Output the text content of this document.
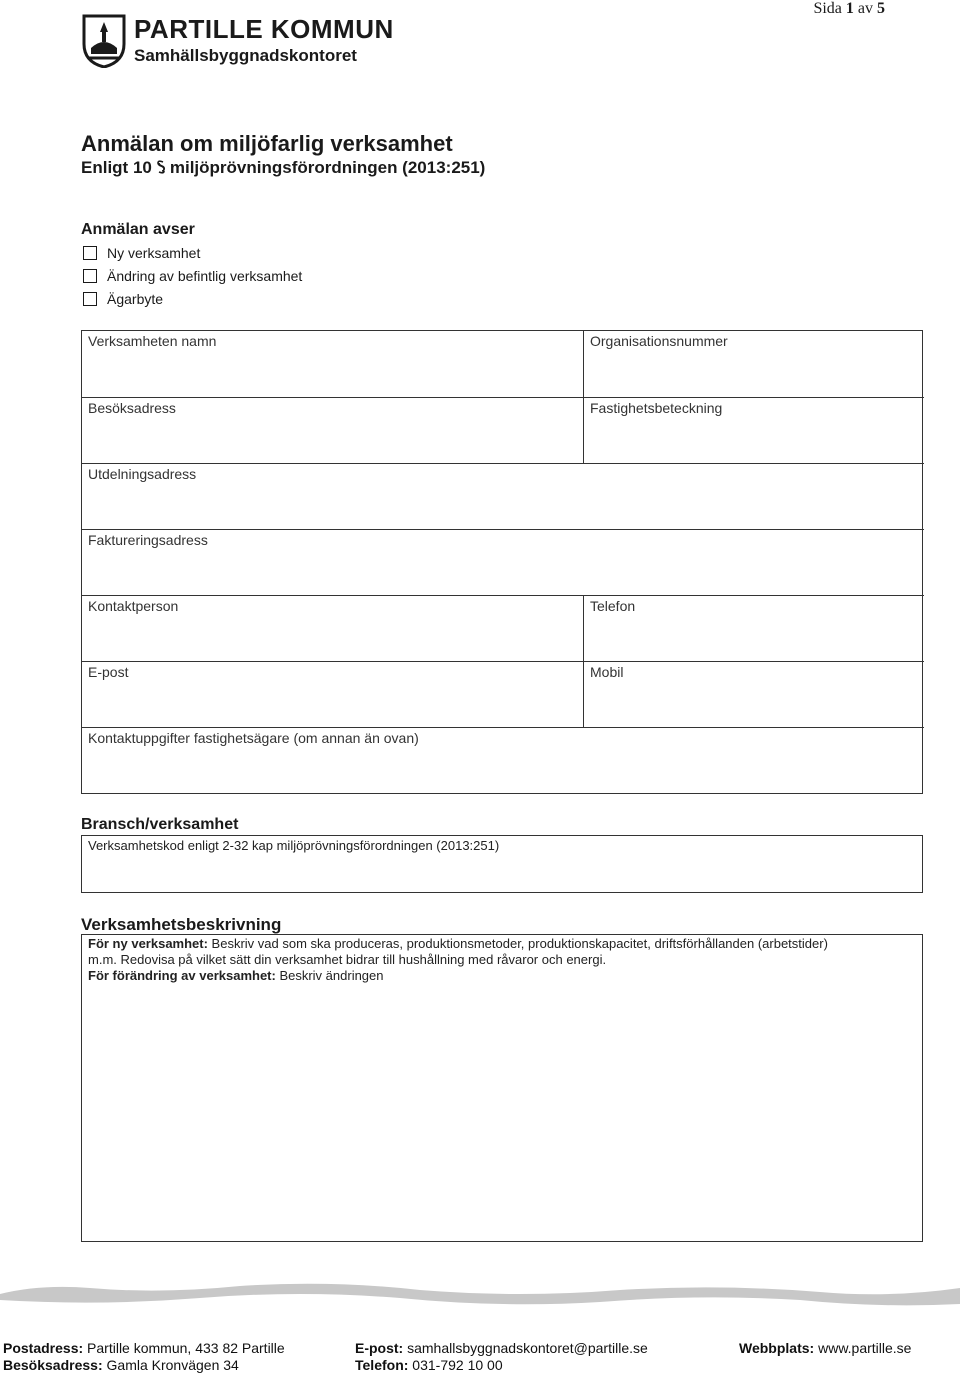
Sida 1 av 5
PARTILLE KOMMUN
Samhällsbyggnadskontoret
Anmälan om miljöfarlig verksamhet
Enligt 10 miljöprövningsförordningen (2013:251)
Anmälan avser
Ny verksamhet
Ändring av befintlig verksamhet
Ägarbyte
Verksamheten namn	Organisationsnummer
Besöksadress	Fastighetsbeteckning
Utdelningsadress
Faktureringsadress
Kontaktperson	Telefon
E-post	Mobil
Kontaktuppgifter fastighetsägare (om annan än ovan)
Bransch/verksamhet
Verksamhetskod enligt 2-32 kap miljöprövningsförordningen (2013:251)
Verksamhetsbeskrivning
För ny verksamhet: Beskriv vad som ska produceras, produktionsmetoder, produktionskapacitet, driftsförhållanden (arbetstider)
m.m. Redovisa på vilket sätt din verksamhet bidrar till hushållning med råvaror och energi.
För förändring av verksamhet: Beskriv ändringen
Postadress: Partille kommun, 433 82 Partille
Besöksadress: Gamla Kronvägen 34
E-post: samhallsbyggnadskontoret@partille.se
Telefon: 031-792 10 00
Webbplats: www.partille.se
